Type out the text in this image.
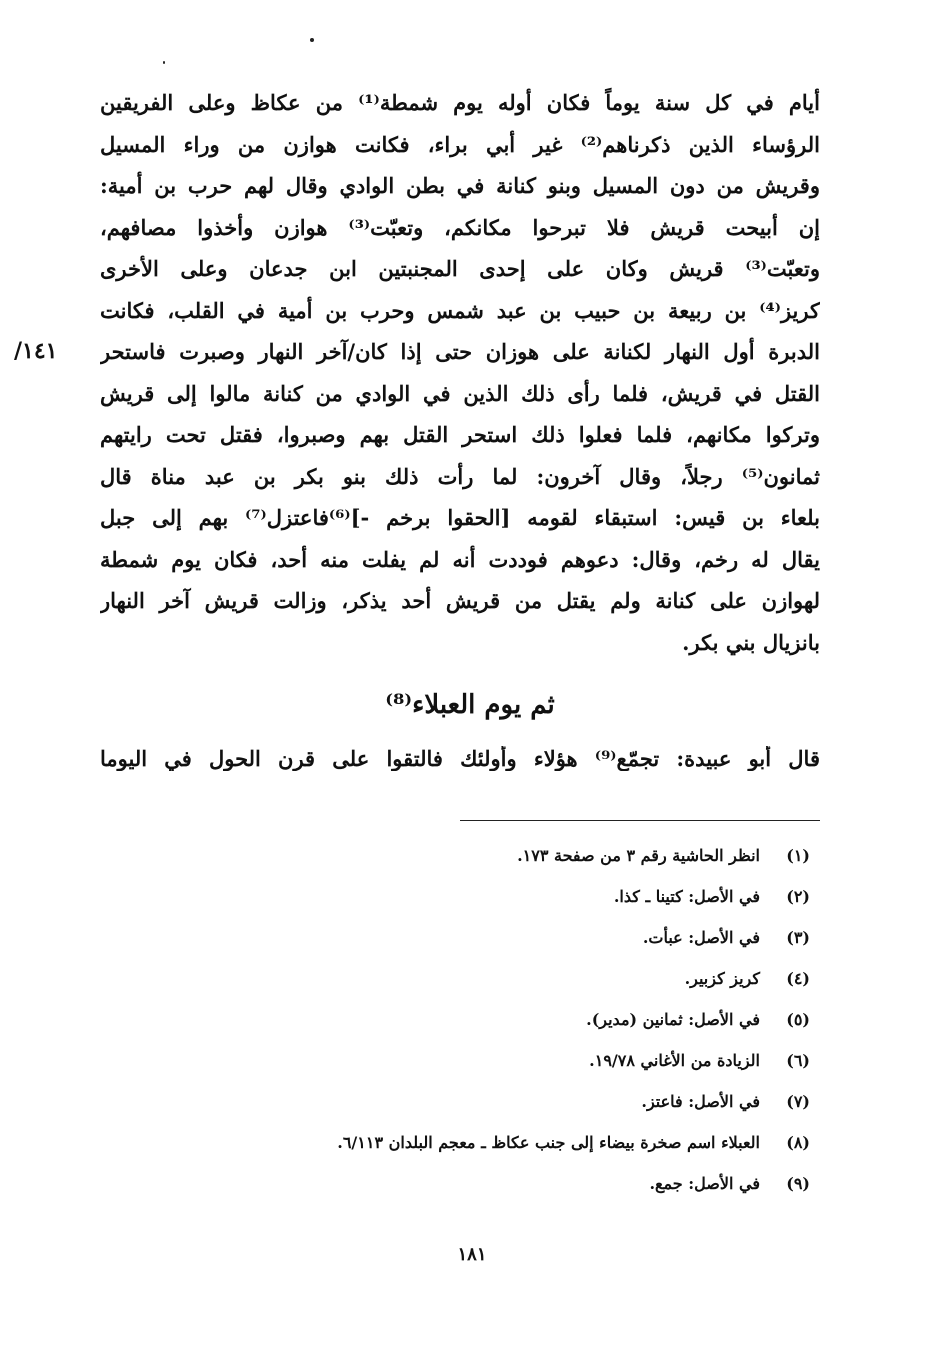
أيام في كل سنة يوماً فكان أوله يوم شمطة⁽¹⁾ من عكاظ وعلى الفريقين
الرؤساء الذين ذكرناهم⁽²⁾ غير أبي براء، فكانت هوازن من وراء المسيل
وقريش من دون المسيل وبنو كنانة في بطن الوادي وقال لهم حرب بن أمية:
إن أبيحت قريش فلا تبرحوا مكانكم، وتعبّت⁽³⁾ هوازن وأخذوا مصافهم،
وتعبّت⁽³⁾ قريش وكان على إحدى المجنبتين ابن جدعان وعلى الأخرى
كريز⁽⁴⁾ بن ربيعة بن حبيب بن عبد شمس وحرب بن أمية في القلب، فكانت
الدبرة أول النهار لكنانة على هوزان حتى إذا كان/آخر النهار وصبرت فاستحر
القتل في قريش، فلما رأى ذلك الذين في الوادي من كنانة مالوا إلى قريش
وتركوا مكانهم، فلما فعلوا ذلك استحر القتل بهم وصبروا، فقتل تحت رايتهم
ثمانون⁽⁵⁾ رجلاً، وقال آخرون: لما رأت ذلك بنو بكر بن عبد مناة قال
بلعاء بن قيس: استبقاء لقومه [الحقوا برخم -]⁽⁶⁾فاعتزل⁽⁷⁾ بهم إلى جبل
يقال له رخم، وقال: دعوهم فوددت أنه لم يفلت منه أحد، فكان يوم شمطة
لهوازن على كنانة ولم يقتل من قريش أحد يذكر، وزالت قريش آخر النهار
بانزيال بني بكر.
١٤١/
ثم يوم العبلاء⁽⁸⁾
قال أبو عبيدة: تجمّع⁽⁹⁾ هؤلاء وأولئك فالتقوا على قرن الحول في اليوما
(١)
انظر الحاشية رقم ٣ من صفحة ١٧٣.
(٢)
في الأصل: كتينا ـ كذا.
(٣)
في الأصل: عبأت.
(٤)
كريز كزبير.
(٥)
في الأصل: ثمانين (مدير).
(٦)
الزيادة من الأغاني ١٩/٧٨.
(٧)
في الأصل: فاعتز.
(٨)
العبلاء اسم صخرة بيضاء إلى جنب عكاظ ـ معجم البلدان ٦/١١٣.
(٩)
في الأصل: جمع.
١٨١
